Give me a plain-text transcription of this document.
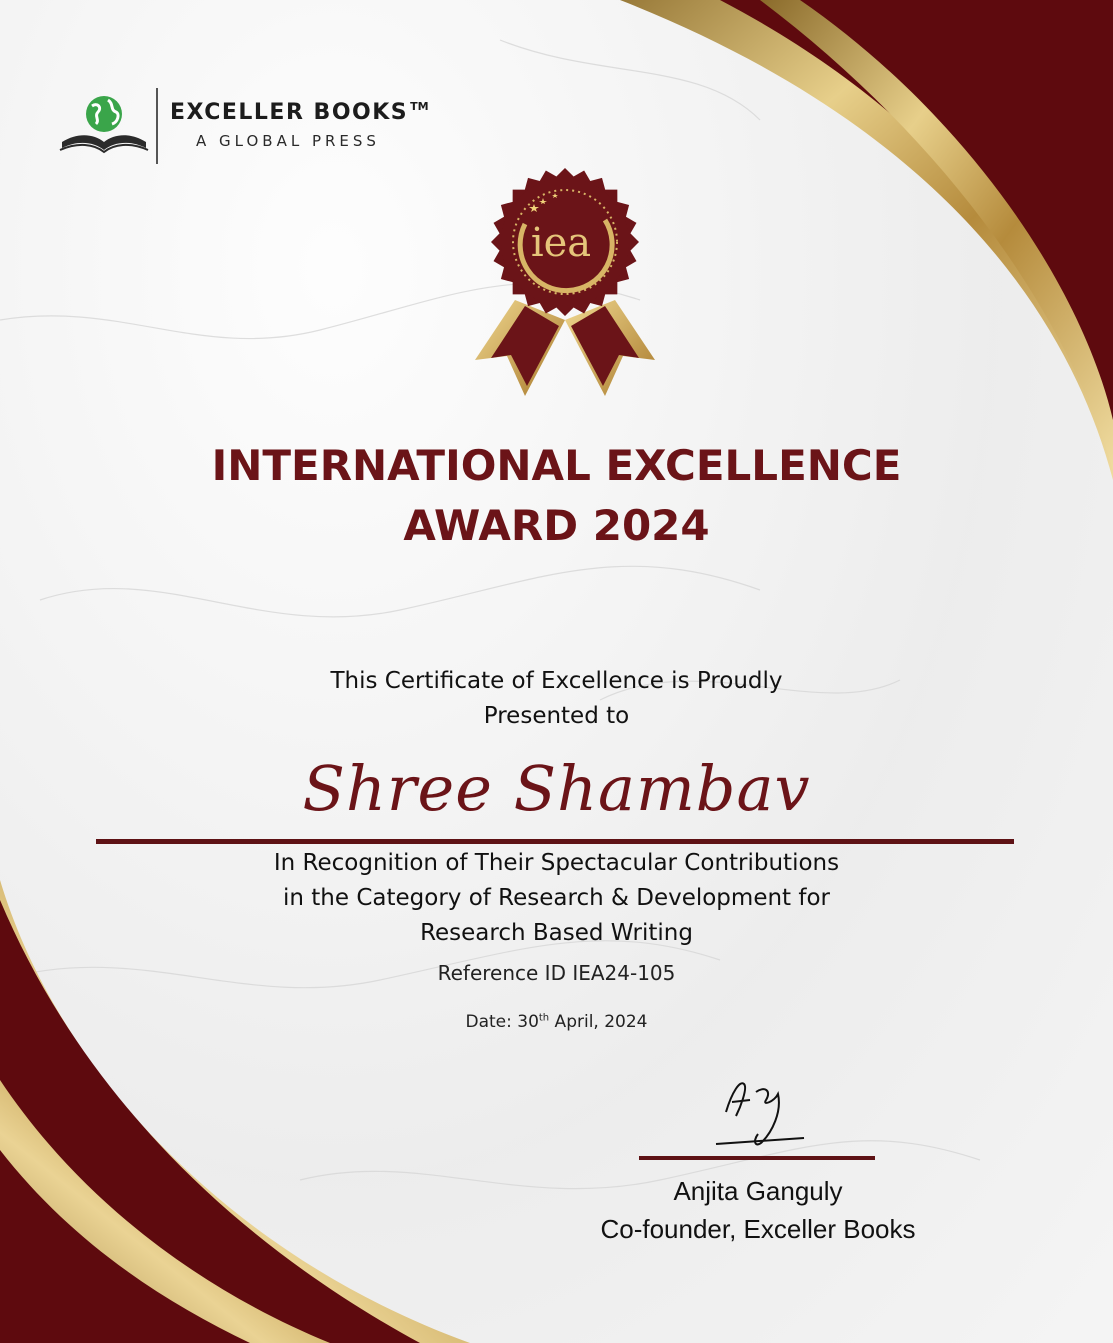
EXCELLER BOOKS ™
A GLOBAL PRESS
iea
INTERNATIONAL EXCELLENCE
AWARD 2024
This Certificate of Excellence is Proudly
Presented to
Shree Shambav
In Recognition of Their Spectacular Contributions
in the Category of Research & Development for
Research Based Writing
Reference ID IEA24-105
Date: 30th April, 2024
Anjita Ganguly
Co-founder, Exceller Books
